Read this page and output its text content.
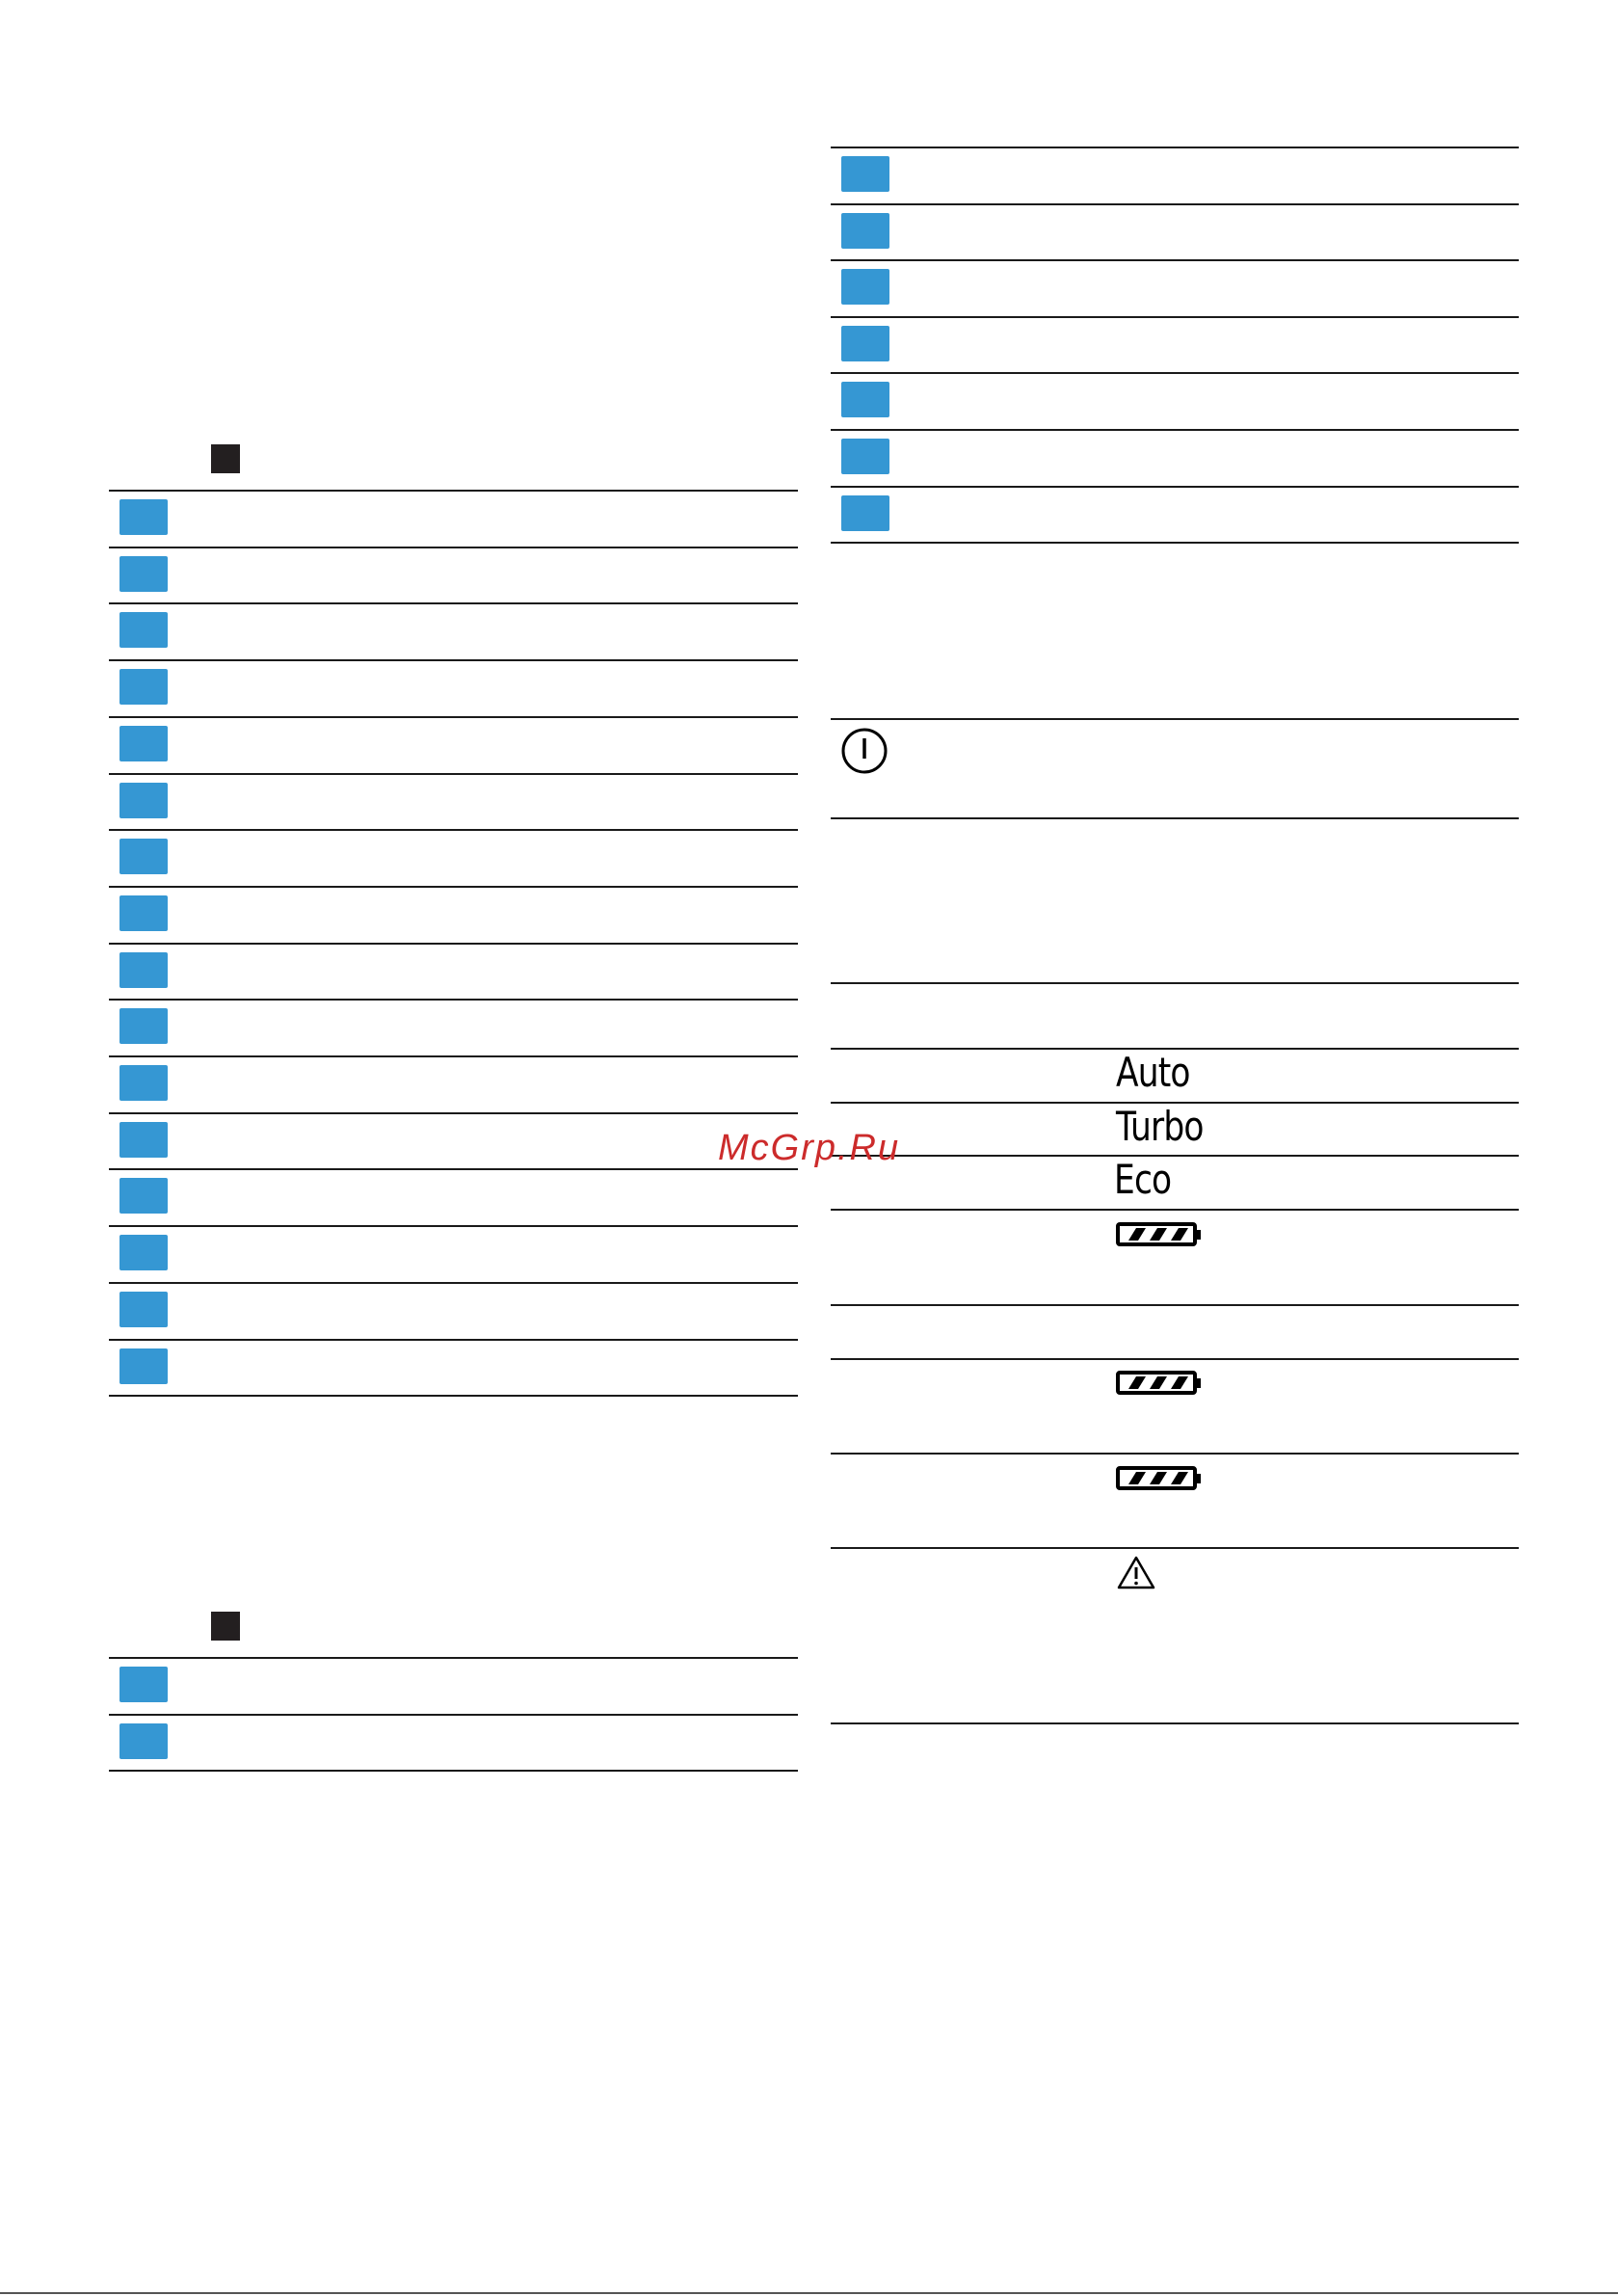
Auto
Turbo
Eco
McGrp.Ru
